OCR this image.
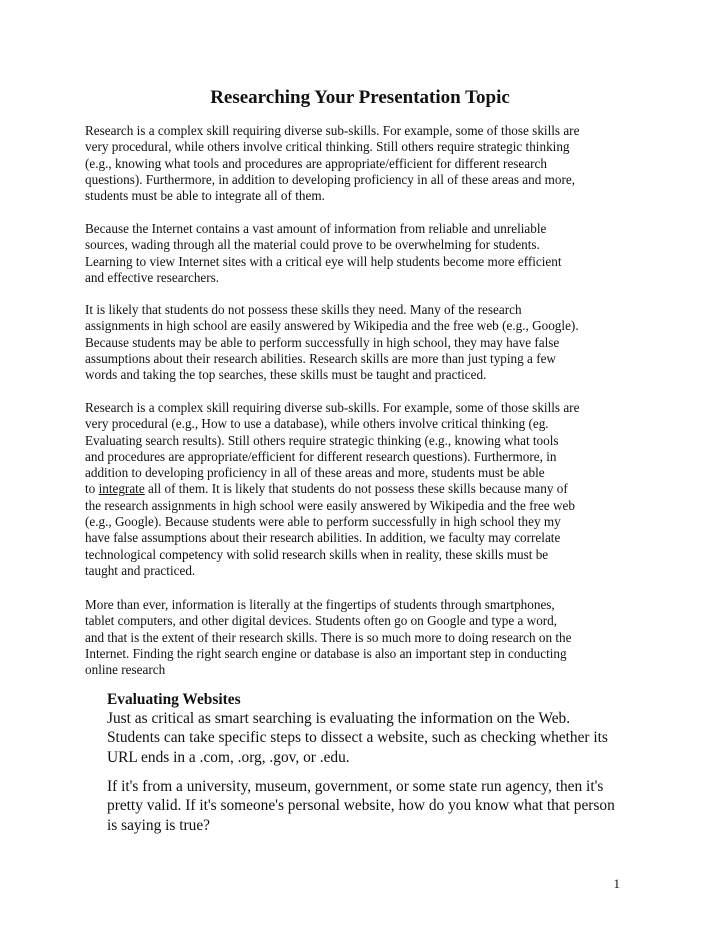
Researching Your Presentation Topic

Research is a complex skill requiring diverse sub-skills. For example, some of those skills are

very procedural, while others involve critical thinking. Still others require strategic thinking

(e.g., knowing what tools and procedures are appropriate/efficient for different research

questions). Furthermore, in addition to developing proficiency in all of these areas and more,

students must be able to integrate all of them.

Because the Internet contains a vast amount of information from reliable and unreliable

sources, wading through all the material could prove to be overwhelming for students.

Learning to view Internet sites with a critical eye will help students become more efficient

and effective researchers.

It is likely that students do not possess these skills they need. Many of the research

assignments in high school are easily answered by Wikipedia and the free web (e.g., Google).

Because students may be able to perform successfully in high school, they may have false

assumptions about their research abilities. Research skills are more than just typing a few

words and taking the top searches, these skills must be taught and practiced.

Research is a complex skill requiring diverse sub-skills. For example, some of those skills are

very procedural (e.g., How to use a database), while others involve critical thinking (eg.

Evaluating search results). Still others require strategic thinking (e.g., knowing what tools

and procedures are appropriate/efficient for different research questions). Furthermore, in

addition to developing proficiency in all of these areas and more, students must be able

to integrate all of them. It is likely that students do not possess these skills because many of

the research assignments in high school were easily answered by Wikipedia and the free web

(e.g., Google). Because students were able to perform successfully in high school they my

have false assumptions about their research abilities. In addition, we faculty may correlate

technological competency with solid research skills when in reality, these skills must be

taught and practiced.

More than ever, information is literally at the fingertips of students through smartphones,

tablet computers, and other digital devices. Students often go on Google and type a word,

and that is the extent of their research skills. There is so much more to doing research on the

Internet. Finding the right search engine or database is also an important step in conducting

online research

Evaluating Websites

Just as critical as smart searching is evaluating the information on the Web.

Students can take specific steps to dissect a website, such as checking whether its

URL ends in a .com, .org, .gov, or .edu.

If it's from a university, museum, government, or some state run agency, then it's

pretty valid. If it's someone's personal website, how do you know what that person

is saying is true?

1
